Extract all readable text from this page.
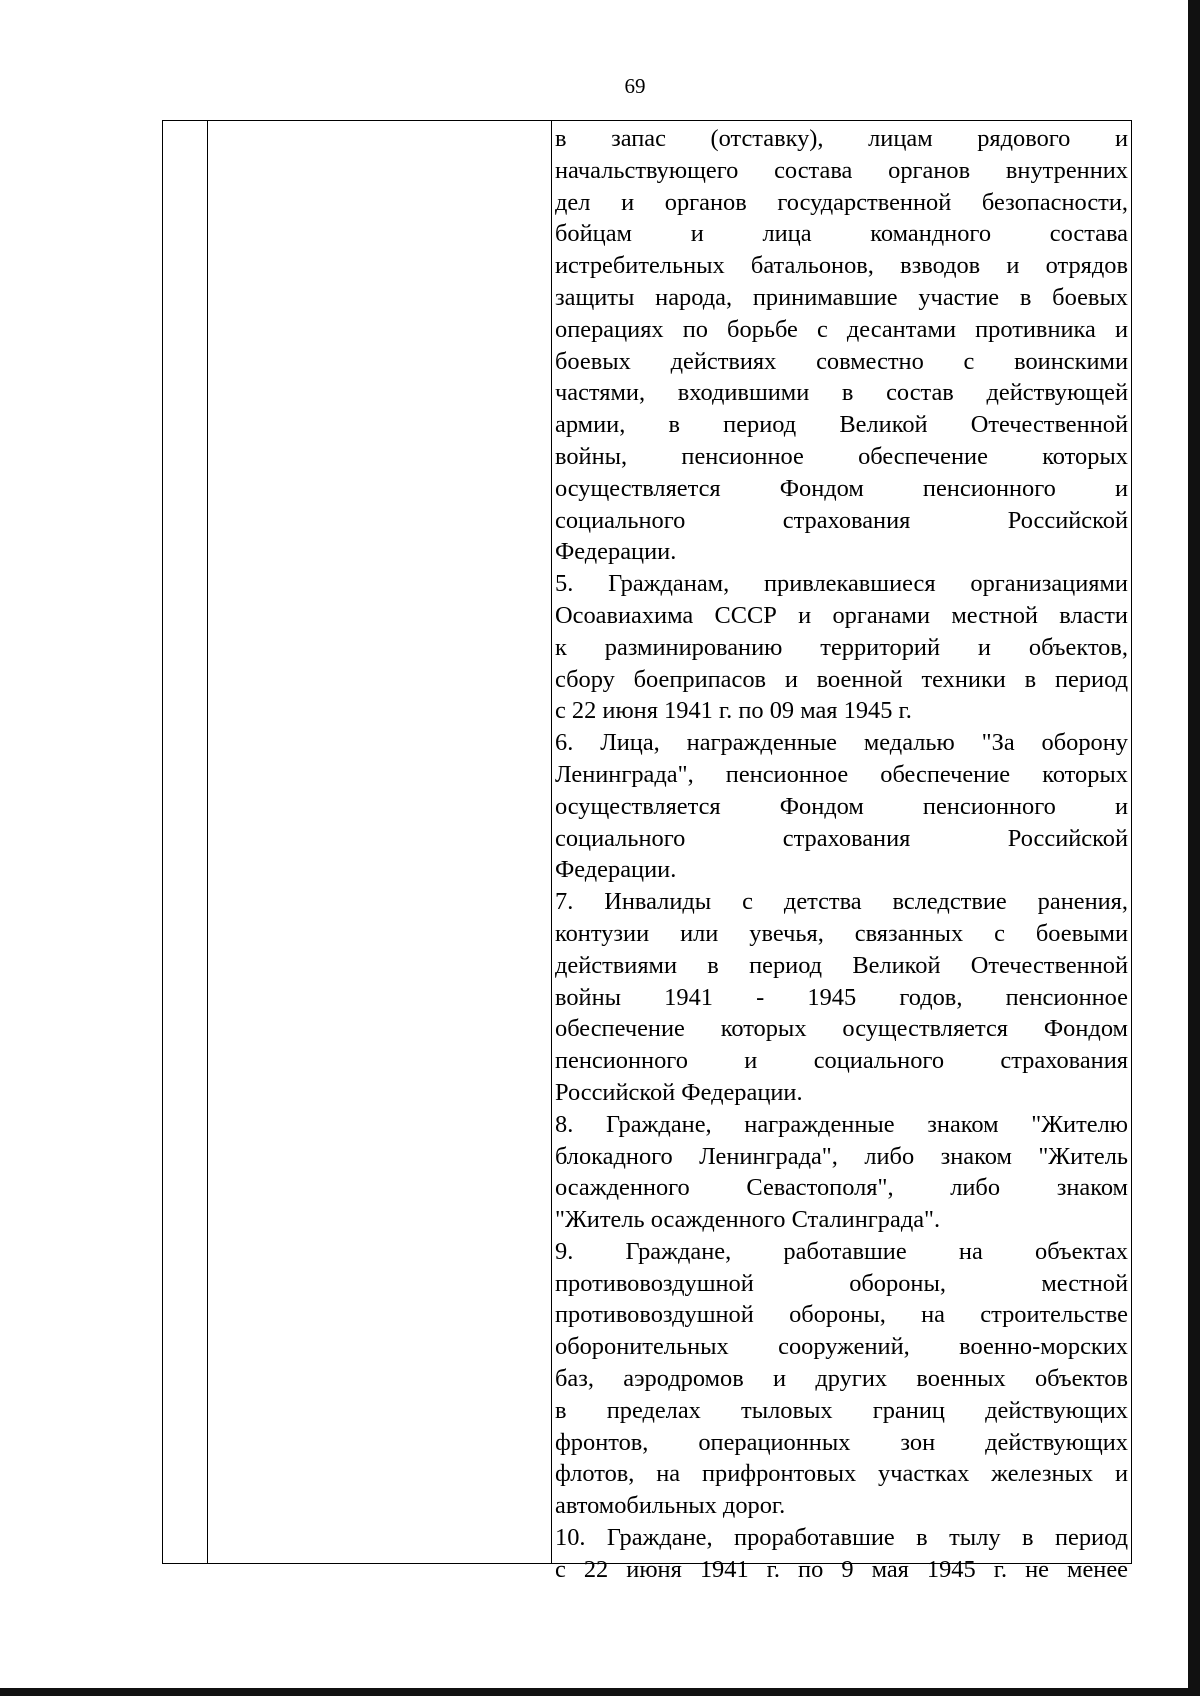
69
в запас (отставку), лицам рядового и
начальствующего состава органов внутренних
дел и органов государственной безопасности,
бойцам и лица командного состава
истребительных батальонов, взводов и отрядов
защиты народа, принимавшие участие в боевых
операциях по борьбе с десантами противника и
боевых действиях совместно с воинскими
частями, входившими в состав действующей
армии, в период Великой Отечественной
войны, пенсионное обеспечение которых
осуществляется Фондом пенсионного и
социального страхования Российской
Федерации.
5. Гражданам, привлекавшиеся организациями
Осоавиахима СССР и органами местной власти
к разминированию территорий и объектов,
сбору боеприпасов и военной техники в период
с 22 июня 1941 г. по 09 мая 1945 г.
6. Лица, награжденные медалью "За оборону
Ленинграда", пенсионное обеспечение которых
осуществляется Фондом пенсионного и
социального страхования Российской
Федерации.
7. Инвалиды с детства вследствие ранения,
контузии или увечья, связанных с боевыми
действиями в период Великой Отечественной
войны 1941 - 1945 годов, пенсионное
обеспечение которых осуществляется Фондом
пенсионного и социального страхования
Российской Федерации.
8. Граждане, награжденные знаком "Жителю
блокадного Ленинграда", либо знаком "Житель
осажденного Севастополя", либо знаком
"Житель осажденного Сталинграда".
9. Граждане, работавшие на объектах
противовоздушной обороны, местной
противовоздушной обороны, на строительстве
оборонительных сооружений, военно-морских
баз, аэродромов и других военных объектов
в пределах тыловых границ действующих
фронтов, операционных зон действующих
флотов, на прифронтовых участках железных и
автомобильных дорог.
10. Граждане, проработавшие в тылу в период
с 22 июня 1941 г. по 9 мая 1945 г. не менее
